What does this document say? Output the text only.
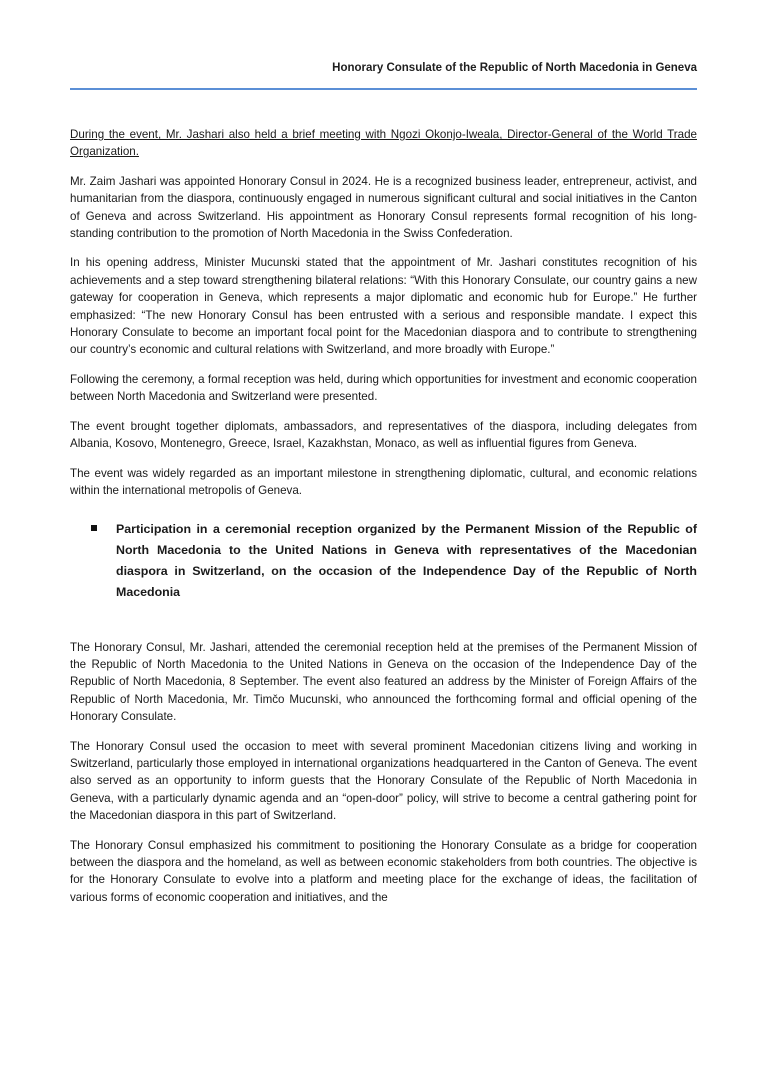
Honorary Consulate of the Republic of North Macedonia in Geneva

During the event, Mr. Jashari also held a brief meeting with Ngozi Okonjo-Iweala, Director-General of the World Trade Organization.

Mr. Zaim Jashari was appointed Honorary Consul in 2024. He is a recognized business leader, entrepreneur, activist, and humanitarian from the diaspora, continuously engaged in numerous significant cultural and social initiatives in the Canton of Geneva and across Switzerland. His appointment as Honorary Consul represents formal recognition of his long-standing contribution to the promotion of North Macedonia in the Swiss Confederation.

In his opening address, Minister Mucunski stated that the appointment of Mr. Jashari constitutes recognition of his achievements and a step toward strengthening bilateral relations: “With this Honorary Consulate, our country gains a new gateway for cooperation in Geneva, which represents a major diplomatic and economic hub for Europe.” He further emphasized: “The new Honorary Consul has been entrusted with a serious and responsible mandate. I expect this Honorary Consulate to become an important focal point for the Macedonian diaspora and to contribute to strengthening our country’s economic and cultural relations with Switzerland, and more broadly with Europe.”

Following the ceremony, a formal reception was held, during which opportunities for investment and economic cooperation between North Macedonia and Switzerland were presented.

The event brought together diplomats, ambassadors, and representatives of the diaspora, including delegates from Albania, Kosovo, Montenegro, Greece, Israel, Kazakhstan, Monaco, as well as influential figures from Geneva.

The event was widely regarded as an important milestone in strengthening diplomatic, cultural, and economic relations within the international metropolis of Geneva.

Participation in a ceremonial reception organized by the Permanent Mission of the Republic of North Macedonia to the United Nations in Geneva with representatives of the Macedonian diaspora in Switzerland, on the occasion of the Independence Day of the Republic of North Macedonia

The Honorary Consul, Mr. Jashari, attended the ceremonial reception held at the premises of the Permanent Mission of the Republic of North Macedonia to the United Nations in Geneva on the occasion of the Independence Day of the Republic of North Macedonia, 8 September. The event also featured an address by the Minister of Foreign Affairs of the Republic of North Macedonia, Mr. Timčo Mucunski, who announced the forthcoming formal and official opening of the Honorary Consulate.

The Honorary Consul used the occasion to meet with several prominent Macedonian citizens living and working in Switzerland, particularly those employed in international organizations headquartered in the Canton of Geneva. The event also served as an opportunity to inform guests that the Honorary Consulate of the Republic of North Macedonia in Geneva, with a particularly dynamic agenda and an “open-door” policy, will strive to become a central gathering point for the Macedonian diaspora in this part of Switzerland.

The Honorary Consul emphasized his commitment to positioning the Honorary Consulate as a bridge for cooperation between the diaspora and the homeland, as well as between economic stakeholders from both countries. The objective is for the Honorary Consulate to evolve into a platform and meeting place for the exchange of ideas, the facilitation of various forms of economic cooperation and initiatives, and the
